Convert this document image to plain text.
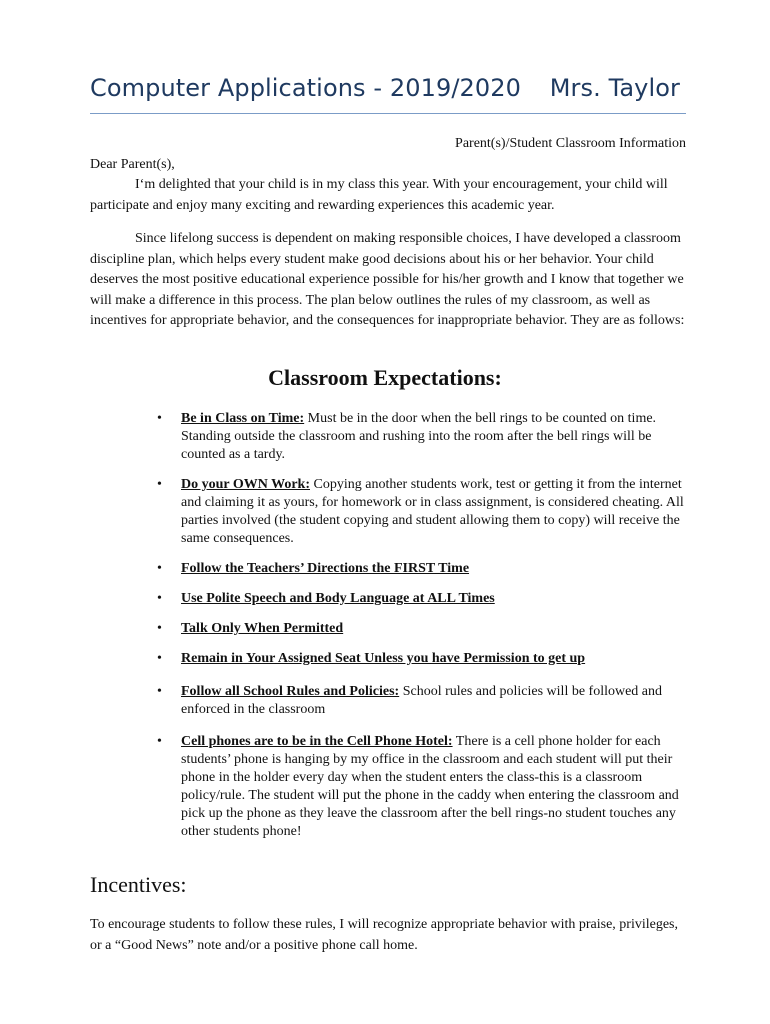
Computer Applications - 2019/2020 Mrs. Taylor
Parent(s)/Student Classroom Information
Dear Parent(s),
I‘m delighted that your child is in my class this year. With your encouragement, your child will participate and enjoy many exciting and rewarding experiences this academic year.
Since lifelong success is dependent on making responsible choices, I have developed a classroom discipline plan, which helps every student make good decisions about his or her behavior. Your child deserves the most positive educational experience possible for his/her growth and I know that together we will make a difference in this process. The plan below outlines the rules of my classroom, as well as incentives for appropriate behavior, and the consequences for inappropriate behavior. They are as follows:
Classroom Expectations:
• Be in Class on Time: Must be in the door when the bell rings to be counted on time. Standing outside the classroom and rushing into the room after the bell rings will be counted as a tardy.
• Do your OWN Work: Copying another students work, test or getting it from the internet and claiming it as yours, for homework or in class assignment, is considered cheating. All parties involved (the student copying and student allowing them to copy) will receive the same consequences.
• Follow the Teachers’ Directions the FIRST Time
• Use Polite Speech and Body Language at ALL Times
• Talk Only When Permitted
• Remain in Your Assigned Seat Unless you have Permission to get up
• Follow all School Rules and Policies: School rules and policies will be followed and enforced in the classroom
• Cell phones are to be in the Cell Phone Hotel: There is a cell phone holder for each students’ phone is hanging by my office in the classroom and each student will put their phone in the holder every day when the student enters the class-this is a classroom policy/rule. The student will put the phone in the caddy when entering the classroom and pick up the phone as they leave the classroom after the bell rings-no student touches any other students phone!
Incentives:
To encourage students to follow these rules, I will recognize appropriate behavior with praise, privileges, or a “Good News” note and/or a positive phone call home.
